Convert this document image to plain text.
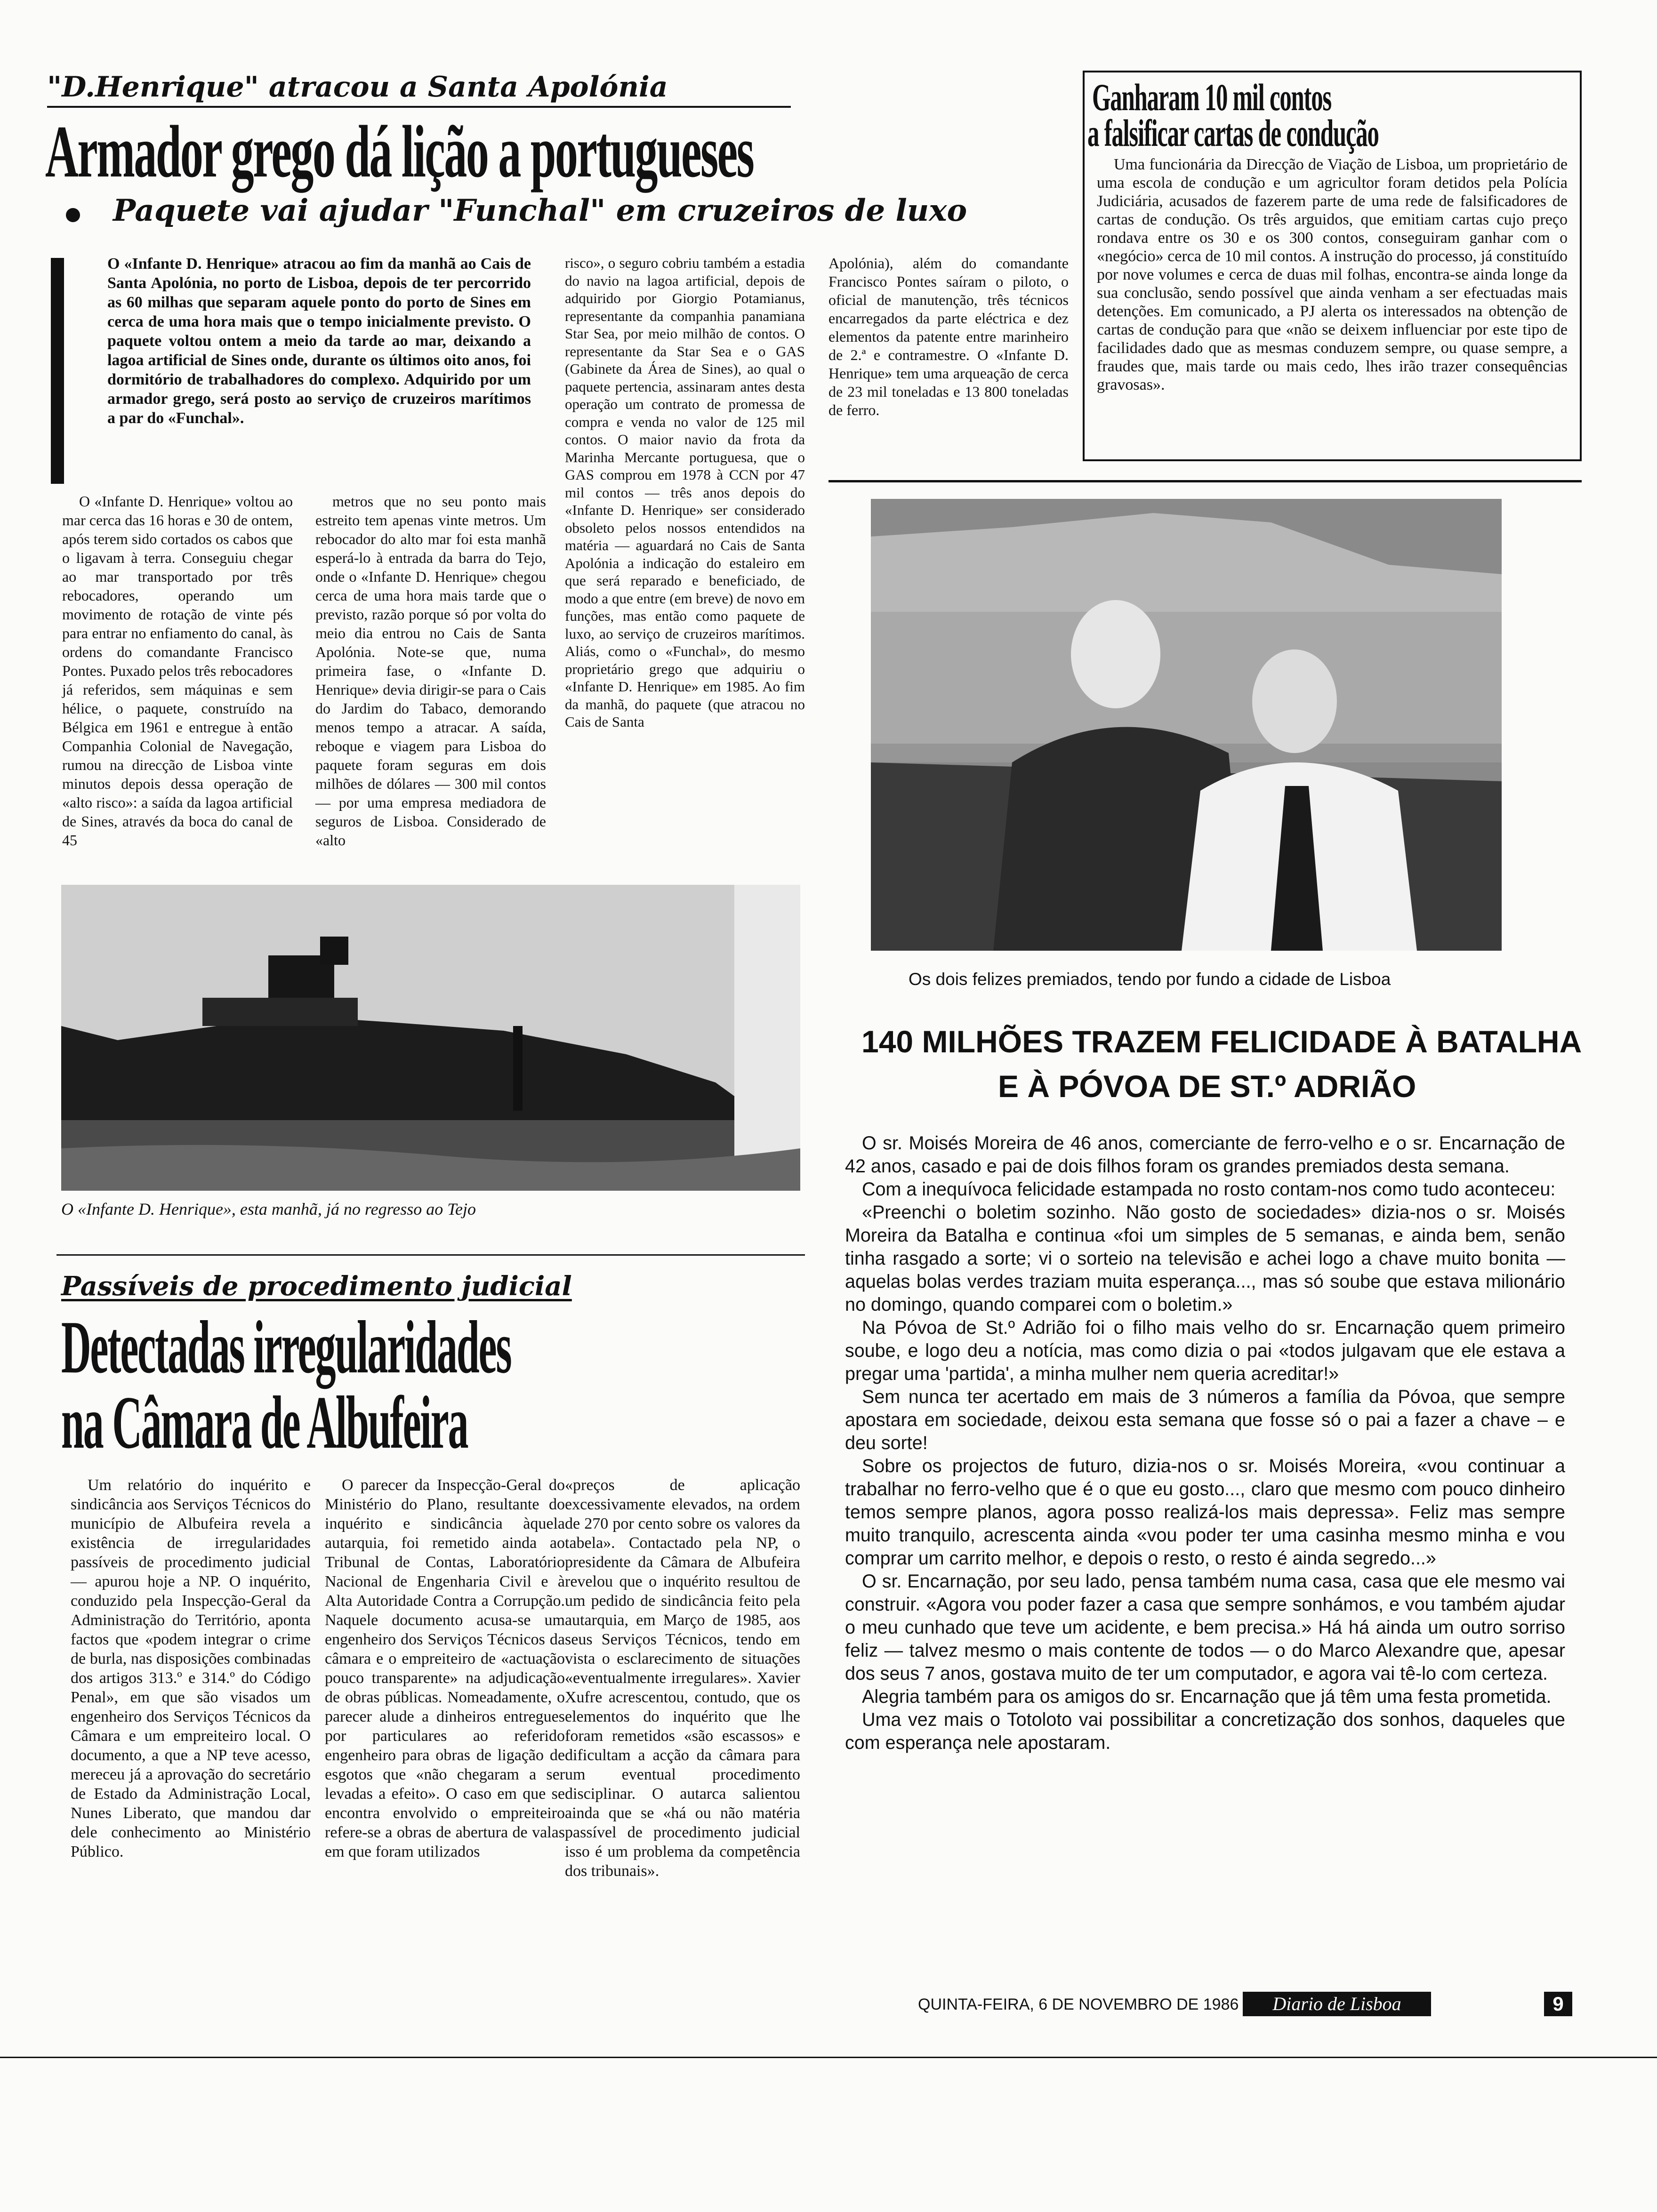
"D.Henrique" atracou a Santa Apolónia
Armador grego dá lição a portugueses
Paquete vai ajudar "Funchal" em cruzeiros de luxo

O «Infante D. Henrique» atracou ao fim da manhã ao Cais de Santa Apolónia, no porto de Lisboa, depois de ter percorrido as 60 milhas que separam aquele ponto do porto de Sines em cerca de uma hora mais que o tempo inicialmente previsto. O paquete voltou ontem a meio da tarde ao mar, deixando a lagoa artificial de Sines onde, durante os últimos oito anos, foi dormitório de trabalhadores do complexo. Adquirido por um armador grego, será posto ao serviço de cruzeiros marítimos a par do «Funchal».

O «Infante D. Henrique» voltou ao mar cerca das 16 horas e 30 de ontem, após terem sido cortados os cabos que o ligavam à terra. Conseguiu chegar ao mar transportado por três rebocadores, operando um movimento de rotação de vinte pés para entrar no enfiamento do canal, às ordens do comandante Francisco Pontes. Puxado pelos três rebocadores já referidos, sem máquinas e sem hélice, o paquete, construído na Bélgica em 1961 e entregue à então Companhia Colonial de Navegação, rumou na direcção de Lisboa vinte minutos depois dessa operação de «alto risco»: a saída da lagoa artificial de Sines, através da boca do canal de 45

metros que no seu ponto mais estreito tem apenas vinte metros. Um rebocador do alto mar foi esta manhã esperá-lo à entrada da barra do Tejo, onde o «Infante D. Henrique» chegou cerca de uma hora mais tarde que o previsto, razão porque só por volta do meio dia entrou no Cais de Santa Apolónia. Note-se que, numa primeira fase, o «Infante D. Henrique» devia dirigir-se para o Cais do Jardim do Tabaco, demorando menos tempo a atracar. A saída, reboque e viagem para Lisboa do paquete foram seguras em dois milhões de dólares — 300 mil contos — por uma empresa mediadora de seguros de Lisboa. Considerado de «alto

risco», o seguro cobriu também a estadia do navio na lagoa artificial, depois de adquirido por Giorgio Potamianus, representante da companhia panamiana Star Sea, por meio milhão de contos. O representante da Star Sea e o GAS (Gabinete da Área de Sines), ao qual o paquete pertencia, assinaram antes desta operação um contrato de promessa de compra e venda no valor de 125 mil contos. O maior navio da frota da Marinha Mercante portuguesa, que o GAS comprou em 1978 à CCN por 47 mil contos — três anos depois do «Infante D. Henrique» ser considerado obsoleto pelos nossos entendidos na matéria — aguardará no Cais de Santa Apolónia a indicação do estaleiro em que será reparado e beneficiado, de modo a que entre (em breve) de novo em funções, mas então como paquete de luxo, ao serviço de cruzeiros marítimos. Aliás, como o «Funchal», do mesmo proprietário grego que adquiriu o «Infante D. Henrique» em 1985. Ao fim da manhã, do paquete (que atracou no Cais de Santa

Apolónia), além do comandante Francisco Pontes saíram o piloto, o oficial de manutenção, três técnicos encarregados da parte eléctrica e dez elementos da patente entre marinheiro de 2.ª e contramestre. O «Infante D. Henrique» tem uma arqueação de cerca de 23 mil toneladas e 13 800 toneladas de ferro.

O «Infante D. Henrique», esta manhã, já no regresso ao Tejo
Ganharam 10 mil contos
a falsificar cartas de condução

Uma funcionária da Direcção de Viação de Lisboa, um proprietário de uma escola de condução e um agricultor foram detidos pela Polícia Judiciária, acusados de fazerem parte de uma rede de falsificadores de cartas de condução. Os três arguidos, que emitiam cartas cujo preço rondava entre os 30 e os 300 contos, conseguiram ganhar com o «negócio» cerca de 10 mil contos. A instrução do processo, já constituído por nove volumes e cerca de duas mil folhas, encontra-se ainda longe da sua conclusão, sendo possível que ainda venham a ser efectuadas mais detenções. Em comunicado, a PJ alerta os interessados na obtenção de cartas de condução para que «não se deixem influenciar por este tipo de facilidades dado que as mesmas conduzem sempre, ou quase sempre, a fraudes que, mais tarde ou mais cedo, lhes irão trazer consequências gravosas».

Os dois felizes premiados, tendo por fundo a cidade de Lisboa
140 MILHÕES TRAZEM FELICIDADE À BATALHA
E À PÓVOA DE ST.º ADRIÃO

O sr. Moisés Moreira de 46 anos, comerciante de ferro-velho e o sr. Encarnação de 42 anos, casado e pai de dois filhos foram os grandes premiados desta semana.

Com a inequívoca felicidade estampada no rosto contam-nos como tudo aconteceu:

«Preenchi o boletim sozinho. Não gosto de sociedades» dizia-nos o sr. Moisés Moreira da Batalha e continua «foi um simples de 5 semanas, e ainda bem, senão tinha rasgado a sorte; vi o sorteio na televisão e achei logo a chave muito bonita — aquelas bolas verdes traziam muita esperança..., mas só soube que estava milionário no domingo, quando comparei com o boletim.»

Na Póvoa de St.º Adrião foi o filho mais velho do sr. Encarnação quem primeiro soube, e logo deu a notícia, mas como dizia o pai «todos julgavam que ele estava a pregar uma 'partida', a minha mulher nem queria acreditar!»

Sem nunca ter acertado em mais de 3 números a família da Póvoa, que sempre apostara em sociedade, deixou esta semana que fosse só o pai a fazer a chave – e deu sorte!

Sobre os projectos de futuro, dizia-nos o sr. Moisés Moreira, «vou continuar a trabalhar no ferro-velho que é o que eu gosto..., claro que mesmo com pouco dinheiro temos sempre planos, agora posso realizá-los mais depressa». Feliz mas sempre muito tranquilo, acrescenta ainda «vou poder ter uma casinha mesmo minha e vou comprar um carrito melhor, e depois o resto, o resto é ainda segredo...»

O sr. Encarnação, por seu lado, pensa também numa casa, casa que ele mesmo vai construir. «Agora vou poder fazer a casa que sempre sonhámos, e vou também ajudar o meu cunhado que teve um acidente, e bem precisa.» Há há ainda um outro sorriso feliz — talvez mesmo o mais contente de todos — o do Marco Alexandre que, apesar dos seus 7 anos, gostava muito de ter um computador, e agora vai tê-lo com certeza.

Alegria também para os amigos do sr. Encarnação que já têm uma festa prometida.

Uma vez mais o Totoloto vai possibilitar a concretização dos sonhos, daqueles que com esperança nele apostaram.

Passíveis de procedimento judicial
Detectadas irregularidades
na Câmara de Albufeira

Um relatório do inquérito e sindicância aos Serviços Técnicos do município de Albufeira revela a existência de irregularidades passíveis de procedimento judicial — apurou hoje a NP. O inquérito, conduzido pela Inspecção-Geral da Administração do Território, aponta factos que «podem integrar o crime de burla, nas disposições combinadas dos artigos 313.º e 314.º do Código Penal», em que são visados um engenheiro dos Serviços Técnicos da Câmara e um empreiteiro local. O documento, a que a NP teve acesso, mereceu já a aprovação do secretário de Estado da Administração Local, Nunes Liberato, que mandou dar dele conhecimento ao Ministério Público.

O parecer da Inspecção-Geral do Ministério do Plano, resultante do inquérito e sindicância àquela autarquia, foi remetido ainda ao Tribunal de Contas, Laboratório Nacional de Engenharia Civil e à Alta Autoridade Contra a Corrupção. Naquele documento acusa-se um engenheiro dos Serviços Técnicos da câmara e o empreiteiro de «actuação pouco transparente» na adjudicação de obras públicas. Nomeadamente, o parecer alude a dinheiros entregues por particulares ao referido engenheiro para obras de ligação de esgotos que «não chegaram a ser levadas a efeito». O caso em que se encontra envolvido o empreiteiro refere-se a obras de abertura de valas em que foram utilizados

«preços de aplicação excessivamente elevados, na ordem de 270 por cento sobre os valores da tabela». Contactado pela NP, o presidente da Câmara de Albufeira revelou que o inquérito resultou de um pedido de sindicância feito pela autarquia, em Março de 1985, aos seus Serviços Técnicos, tendo em vista o esclarecimento de situações «eventualmente irregulares». Xavier Xufre acrescentou, contudo, que os elementos do inquérito que lhe foram remetidos «são escassos» e dificultam a acção da câmara para um eventual procedimento disciplinar. O autarca salientou ainda que se «há ou não matéria passível de procedimento judicial isso é um problema da competência dos tribunais».

QUINTA-FEIRA, 6 DE NOVEMBRO DE 1986	Diario de Lisboa	9
